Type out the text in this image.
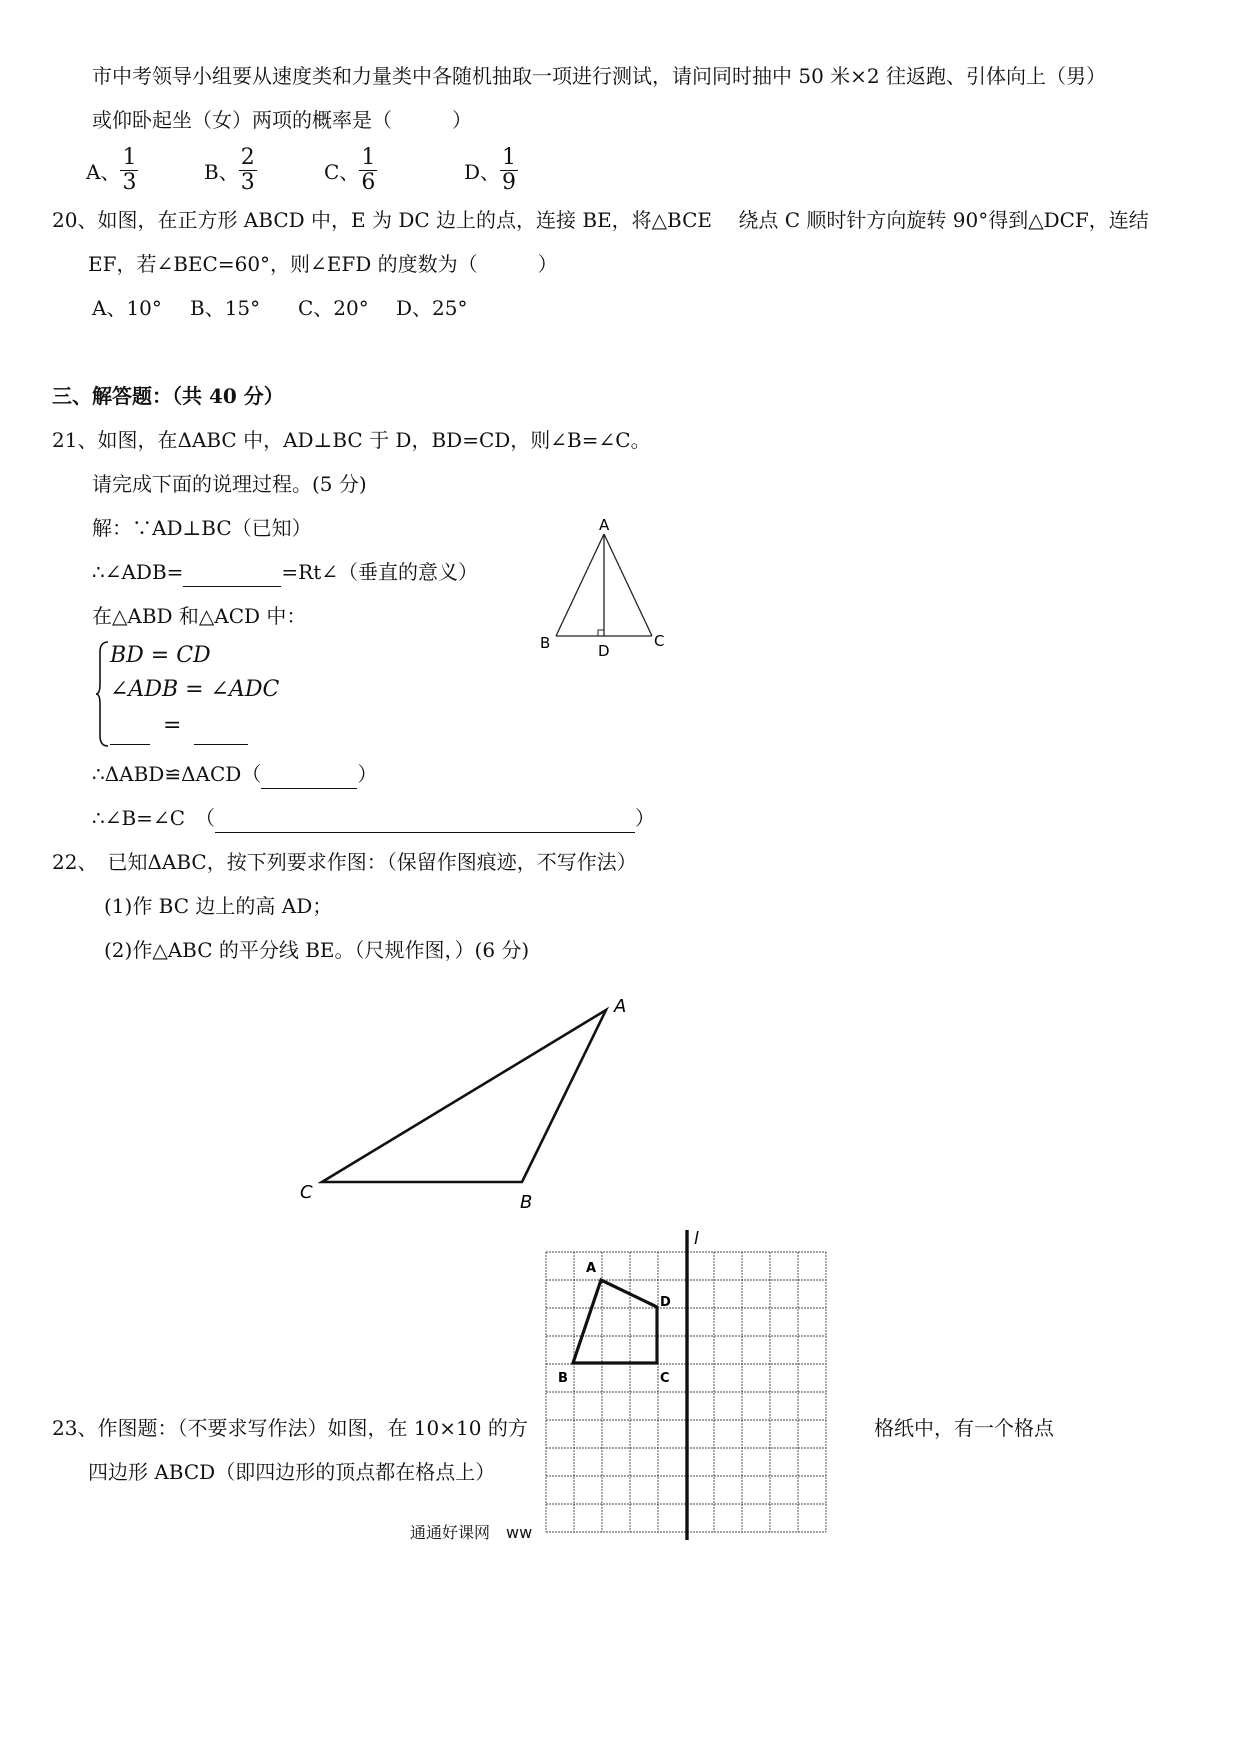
市中考领导小组要从速度类和力量类中各随机抽取一项进行测试，请问同时抽中 50 米×2 往返跑、引体向上（男）
或仰卧起坐（女）两项的概率是（　　　）
A、 $\frac{1}{3}$	B、 $\frac{2}{3}$	C、 $\frac{1}{6}$	D、 $\frac{1}{9}$
20、如图，在正方形 ABCD 中，E 为 DC 边上的点，连接 BE，将△BCE　 绕点 C 顺时针方向旋转 90°得到△DCF，连结
EF，若∠BEC=60°，则∠EFD 的度数为（　　　）
A、10° B、15° C、20° D、25°
三、解答题：（共 40 分）
21、如图，在ΔABC 中，AD⊥BC 于 D，BD=CD，则∠B=∠C。
请完成下面的说理过程。(5 分)
解：∵AD⊥BC（已知）
∴∠ADB=	=Rt∠（垂直的意义）
在△ABD 和△ACD 中：
BD = CD
∠ADB = ∠ADC
=
∴ΔABD≌ΔACD（	）
∴∠B=∠C　（	）
A
B	C
D
22、　已知ΔABC，按下列要求作图：（保留作图痕迹，不写作法）
(1)作 BC 边上的高 AD；
(2)作△ABC 的平分线 BE。（尺规作图，）(6 分)
A
B
C
23、作图题：（不要求写作法）如图，在 10×10 的方	格纸中，有一个格点
四边形 ABCD（即四边形的顶点都在格点上）
l
A
D
B	C
通通好课网　ww
